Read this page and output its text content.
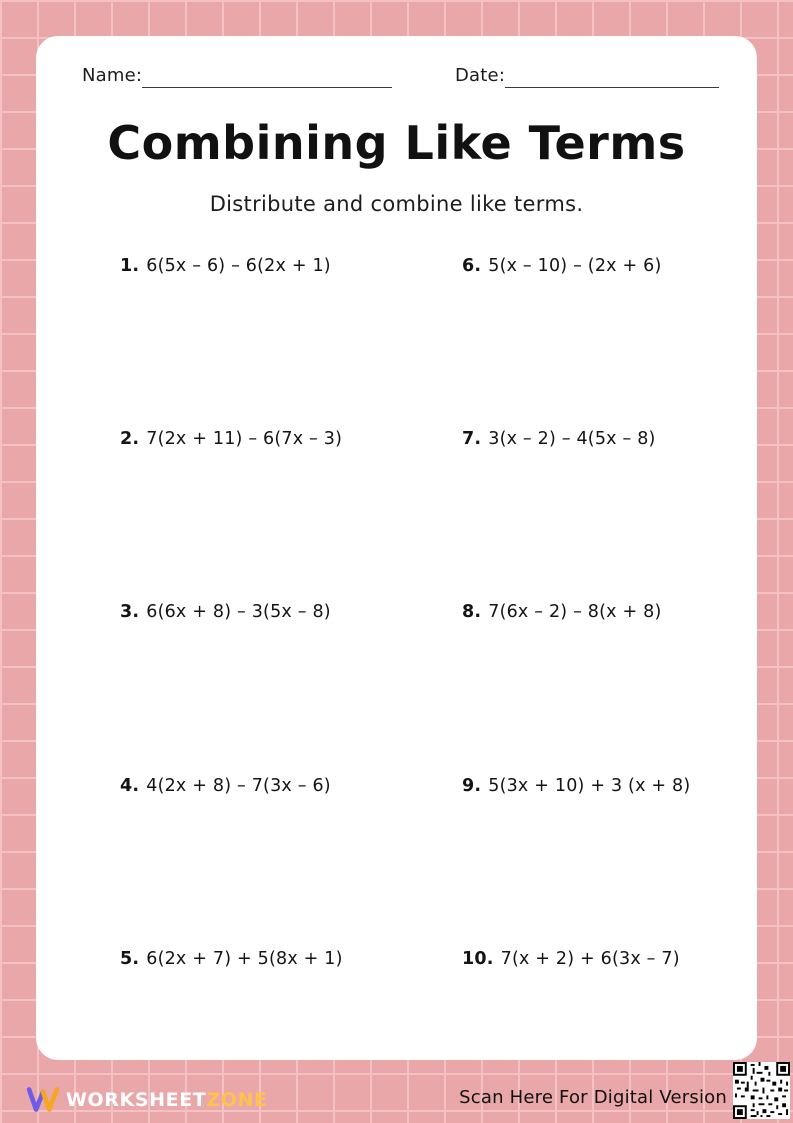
Name:	Date:
Combining Like Terms
Distribute and combine like terms.
1. 6(5x – 6) – 6(2x + 1)
2. 7(2x + 11) – 6(7x – 3)
3. 6(6x + 8) – 3(5x – 8)
4. 4(2x + 8) – 7(3x – 6)
5. 6(2x + 7) + 5(8x + 1)
6. 5(x – 10) – (2x + 6)
7. 3(x – 2) – 4(5x – 8)
8. 7(6x – 2) – 8(x + 8)
9. 5(3x + 10) + 3 (x + 8)
10. 7(x + 2) + 6(3x – 7)
WORKSHEETZONE	Scan Here For Digital Version
